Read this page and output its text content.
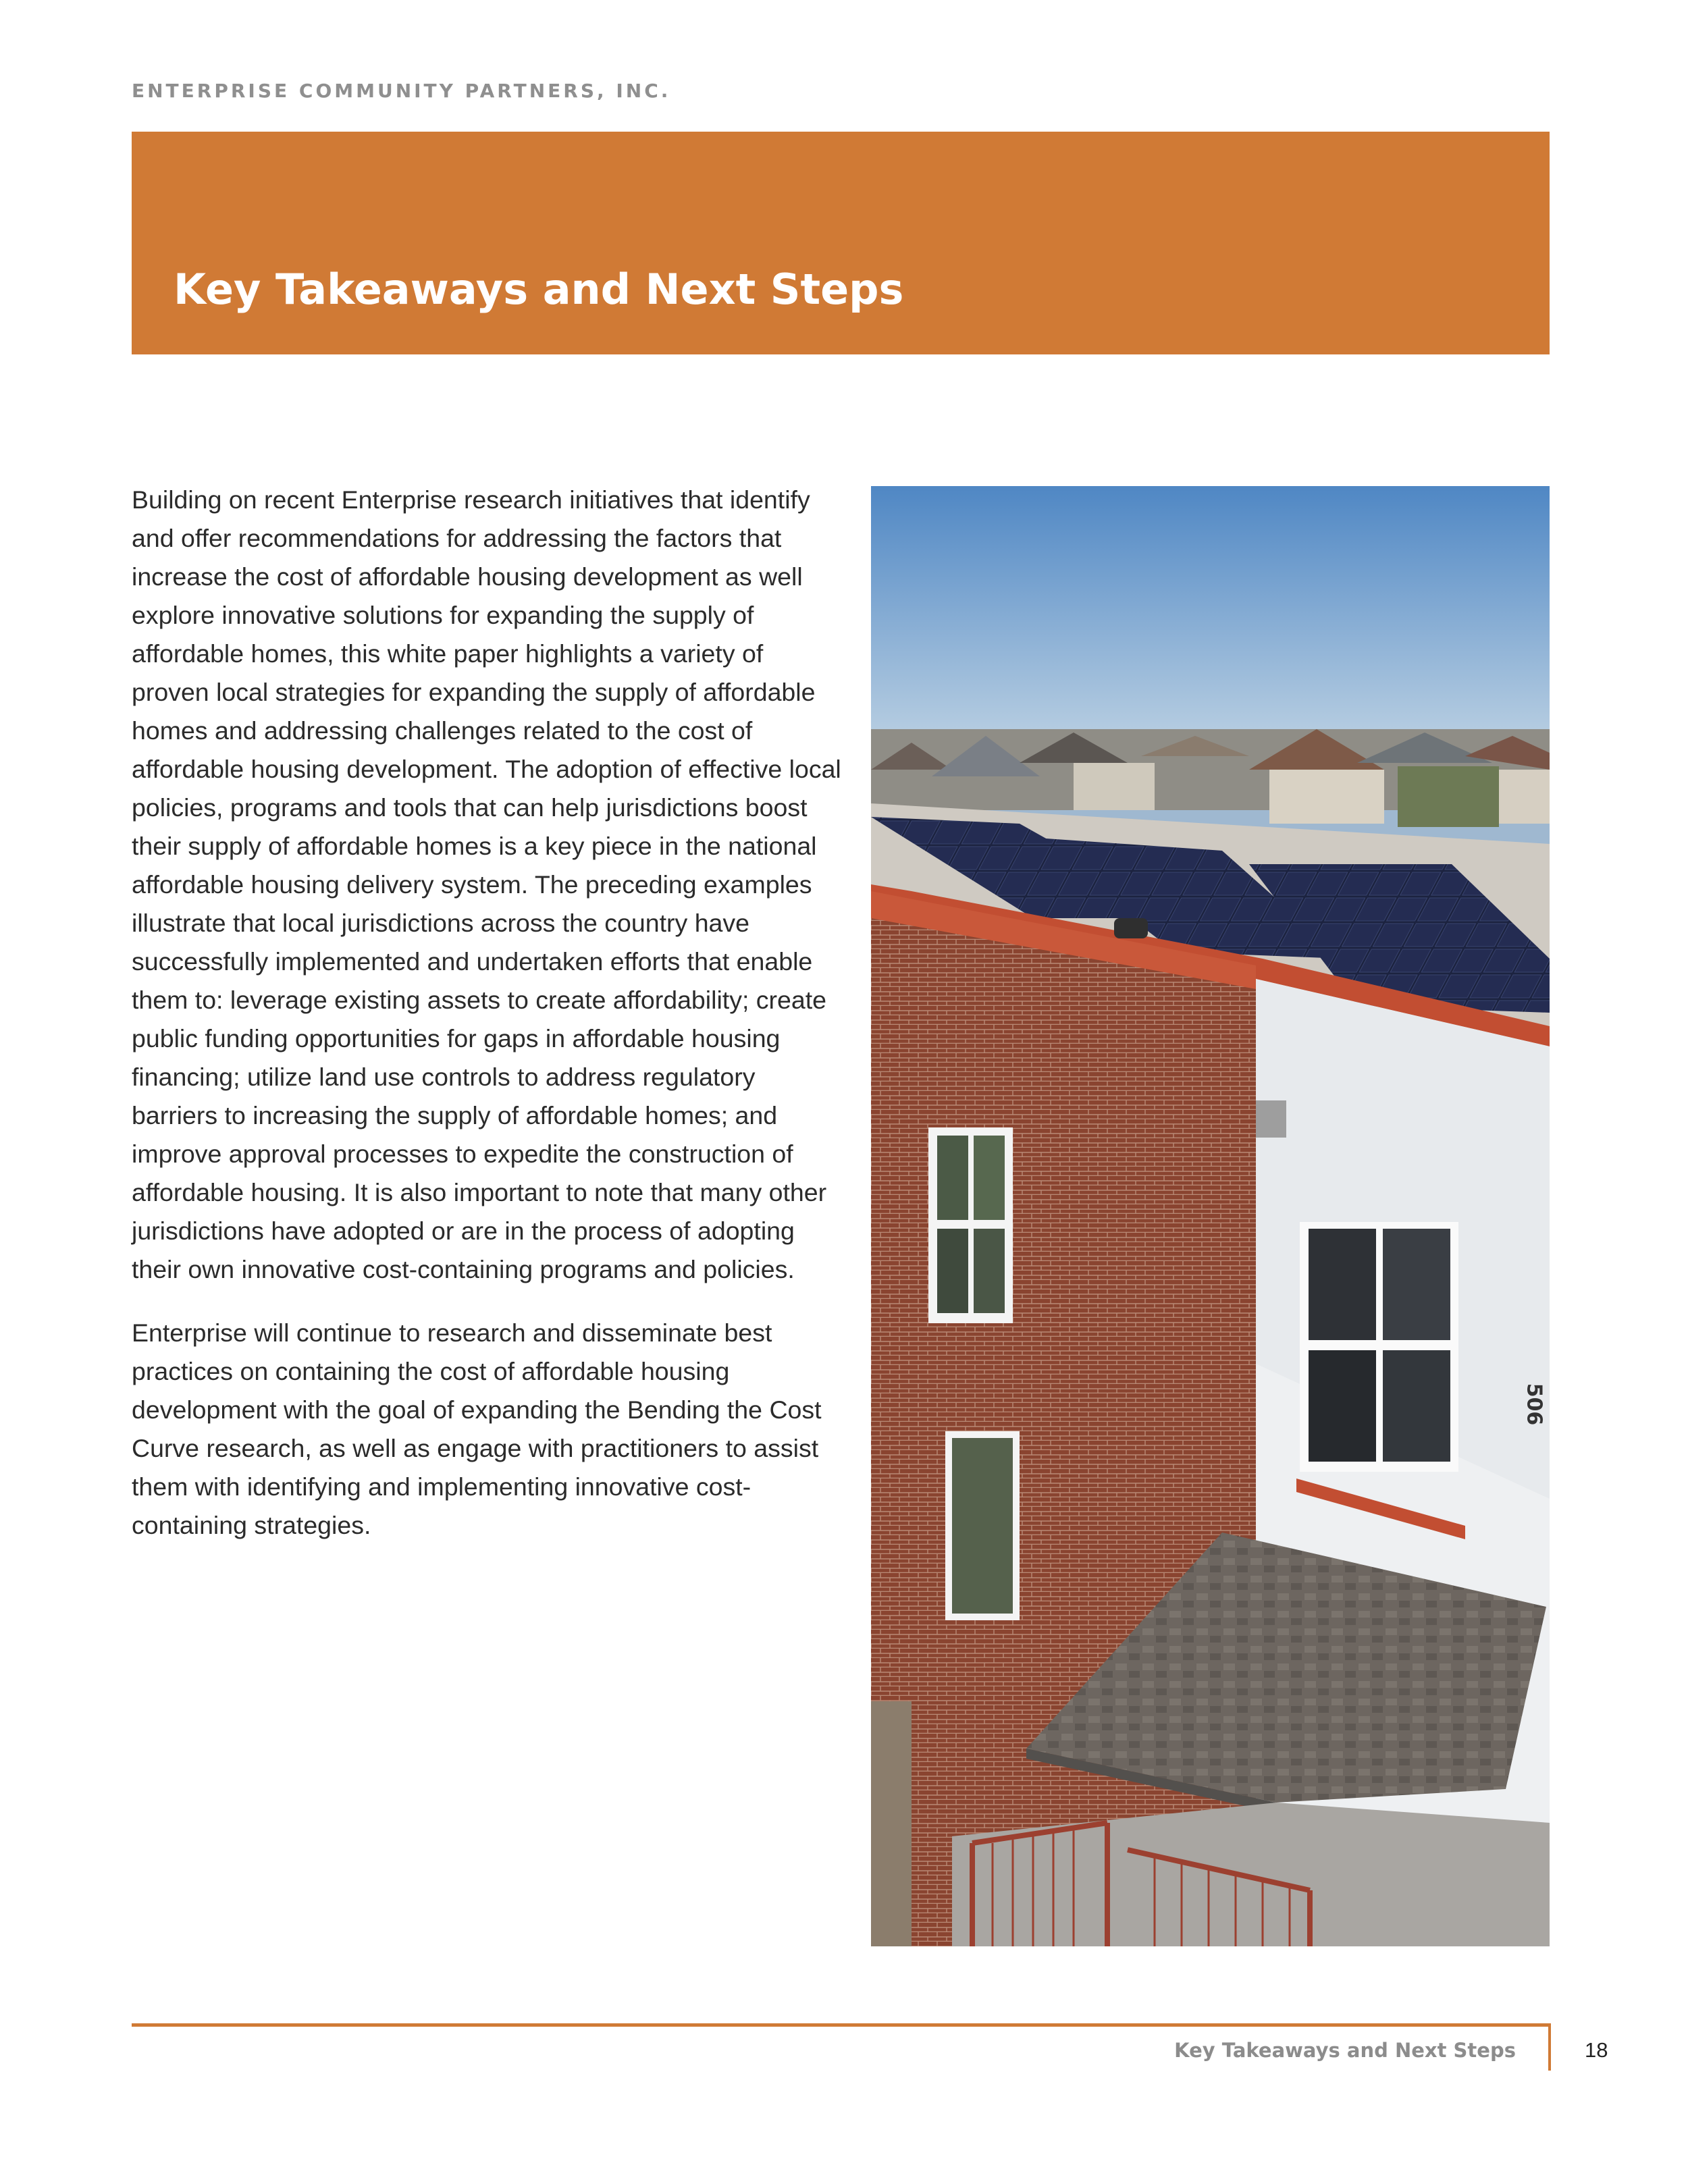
ENTERPRISE COMMUNITY PARTNERS, INC.
Key Takeaways and Next Steps

Building on recent Enterprise research initiatives that identify and offer recommendations for addressing the factors that increase the cost of affordable housing development as well explore innovative solutions for expanding the supply of affordable homes, this white paper highlights a variety of proven local strategies for expanding the supply of affordable homes and addressing challenges related to the cost of affordable housing development. The adoption of effective local policies, programs and tools that can help jurisdictions boost their supply of affordable homes is a key piece in the national affordable housing delivery system. The preceding examples illustrate that local jurisdictions across the country have successfully implemented and undertaken efforts that enable them to: leverage existing assets to create affordability; create public funding opportunities for gaps in affordable housing financing; utilize land use controls to address regulatory barriers to increasing the supply of affordable homes; and improve approval processes to expedite the construction of affordable housing. It is also important to note that many other jurisdictions have adopted or are in the process of adopting their own innovative cost-containing programs and policies.

Enterprise will continue to research and disseminate best practices on containing the cost of affordable housing development with the goal of expanding the Bending the Cost Curve research, as well as engage with practitioners to assist them with identifying and implementing innovative cost-containing strategies.

506
Key Takeaways and Next Steps	18
